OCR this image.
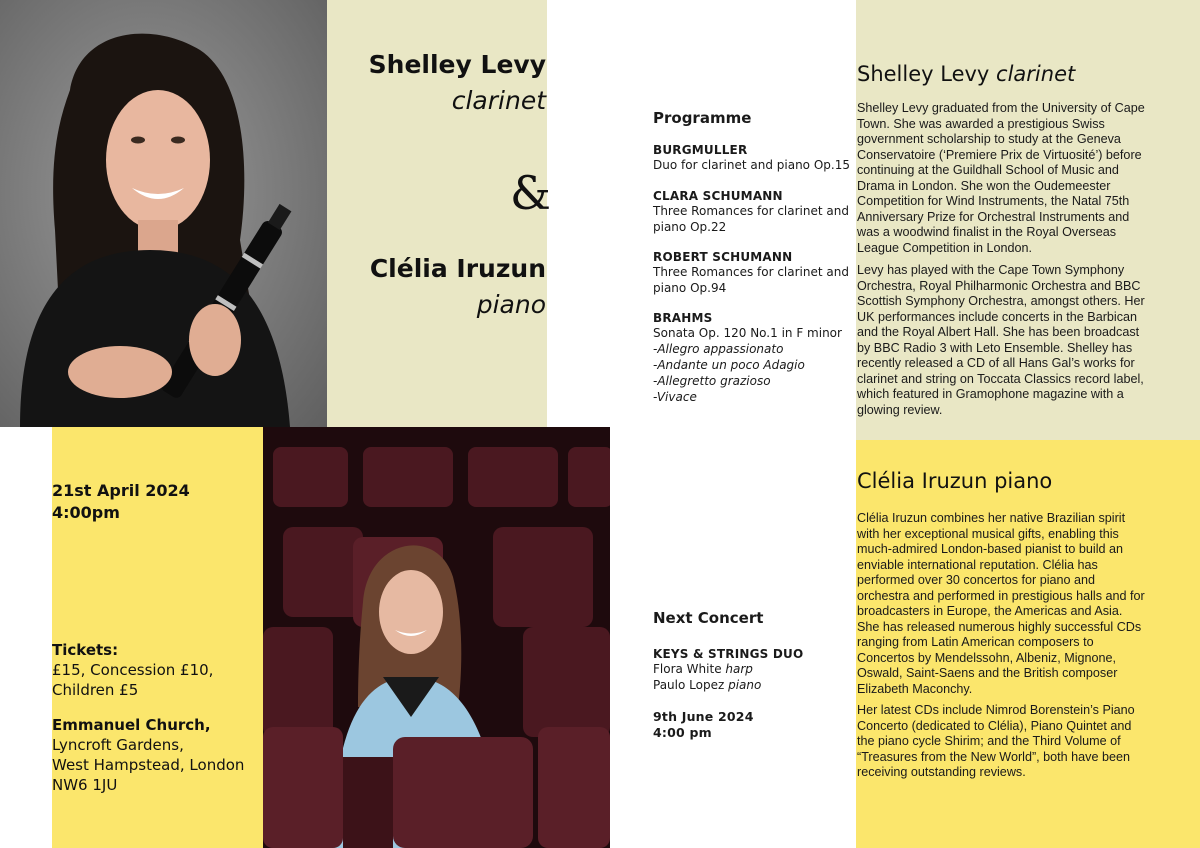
Shelley Levy
clarinet
&
Clélia Iruzun
piano
Programme
BURGMULLER
Duo for clarinet and piano Op.15
CLARA SCHUMANN
Three Romances for clarinet and
piano Op.22
ROBERT SCHUMANN
Three Romances for clarinet and
piano Op.94
BRAHMS
Sonata Op. 120 No.1 in F minor
-Allegro appassionato
-Andante un poco Adagio
-Allegretto grazioso
-Vivace
Next Concert
KEYS & STRINGS DUO
Flora White harp
Paulo Lopez piano
9th June 2024
4:00 pm
Shelley Levy clarinet
Shelley Levy graduated from the University of Cape Town. She was awarded a prestigious Swiss government scholarship to study at the Geneva Conservatoire (‘Premiere Prix de Virtuosité’) before continuing at the Guildhall School of Music and Drama in London. She won the Oudemeester Competition for Wind Instruments, the Natal 75th Anniversary Prize for Orchestral Instruments and was a woodwind finalist in the Royal Overseas League Competition in London.
Levy has played with the Cape Town Symphony Orchestra, Royal Philharmonic Orchestra and BBC Scottish Symphony Orchestra, amongst others. Her UK performances include concerts in the Barbican and the Royal Albert Hall. She has been broadcast by BBC Radio 3 with Leto Ensemble. Shelley has recently released a CD of all Hans Gal’s works for clarinet and string on Toccata Classics record label, which featured in Gramophone magazine with a glowing review.
Clélia Iruzun piano
Clélia Iruzun combines her native Brazilian spirit with her exceptional musical gifts, enabling this much-admired London-based pianist to build an enviable international reputation. Clélia has performed over 30 concertos for piano and orchestra and performed in prestigious halls and for broadcasters in Europe, the Americas and Asia. She has released numerous highly successful CDs ranging from Latin American composers to Concertos by Mendelssohn, Albeniz, Mignone, Oswald, Saint-Saens and the British composer Elizabeth Maconchy.
Her latest CDs include Nimrod Borenstein’s Piano Concerto (dedicated to Clélia), Piano Quintet and the piano cycle Shirim; and the Third Volume of “Treasures from the New World”, both have been receiving outstanding reviews.
21st April 2024
4:00pm
Tickets:
£15, Concession £10,
Children £5
Emmanuel Church,
Lyncroft Gardens,
West Hampstead, London
NW6 1JU
